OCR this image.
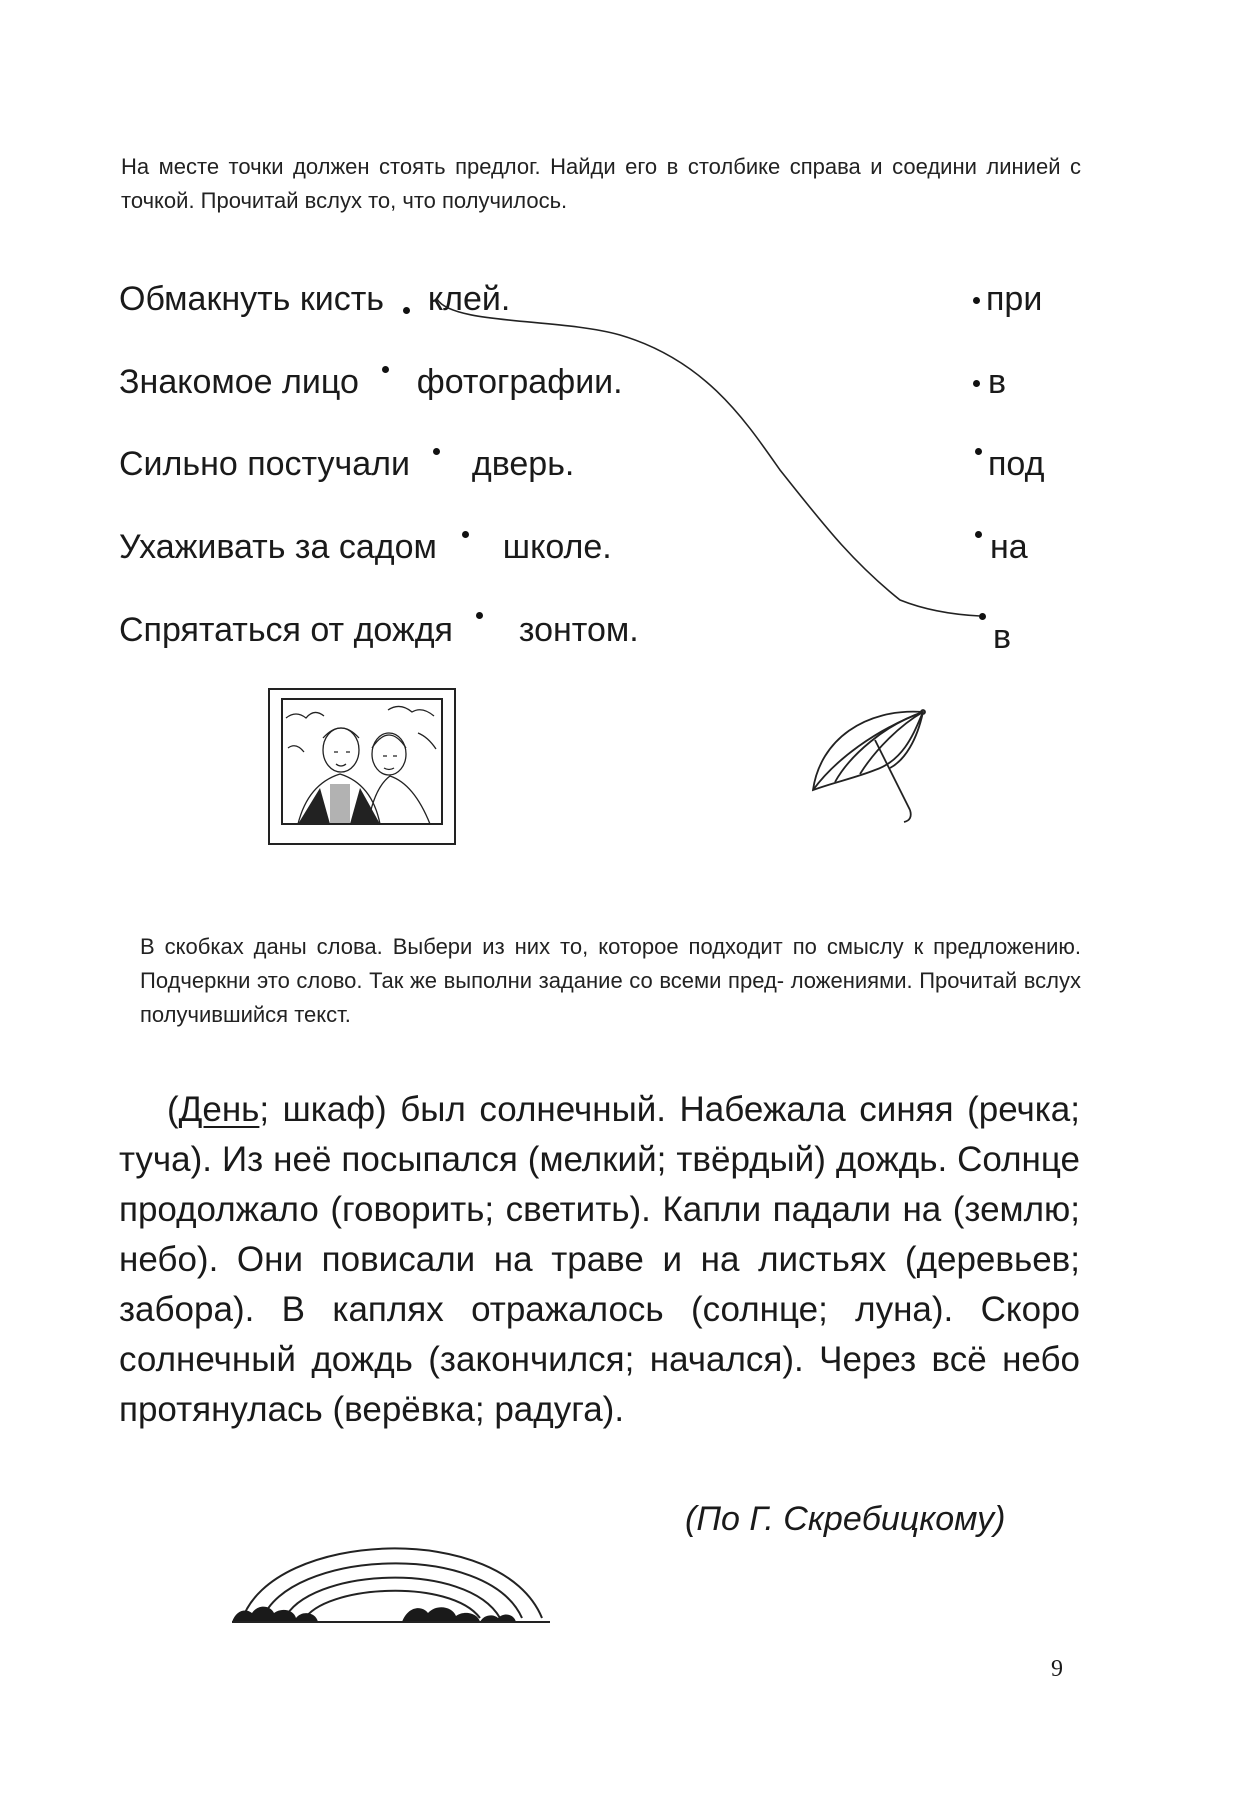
На месте точки должен стоять предлог. Найди его в столбике справа и соедини линией с точкой. Прочитай вслух то, что получилось.
Обмакнуть кисть клей.
Знакомое лицо фотографии.
Сильно постучали дверь.
Ухаживать за садом школе.
Спрятаться от дождя зонтом.
при
в
под
на
в
В скобках даны слова. Выбери из них то, которое подходит по смыслу к предложению. Подчеркни это слово. Так же выполни задание со всеми пред- ложениями. Прочитай вслух получившийся текст.
(День; шкаф) был солнечный. Набежала синяя (речка; туча). Из неё посыпался (мелкий; твёрдый) дождь. Солнце продолжало (говорить; светить). Капли падали на (землю; небо). Они повисали на траве и на листьях (деревьев; забора). В каплях отражалось (солнце; луна). Скоро солнечный дождь (закончился; начался). Через всё небо протянулась (верёвка; радуга).
(По Г. Скребицкому)
9
